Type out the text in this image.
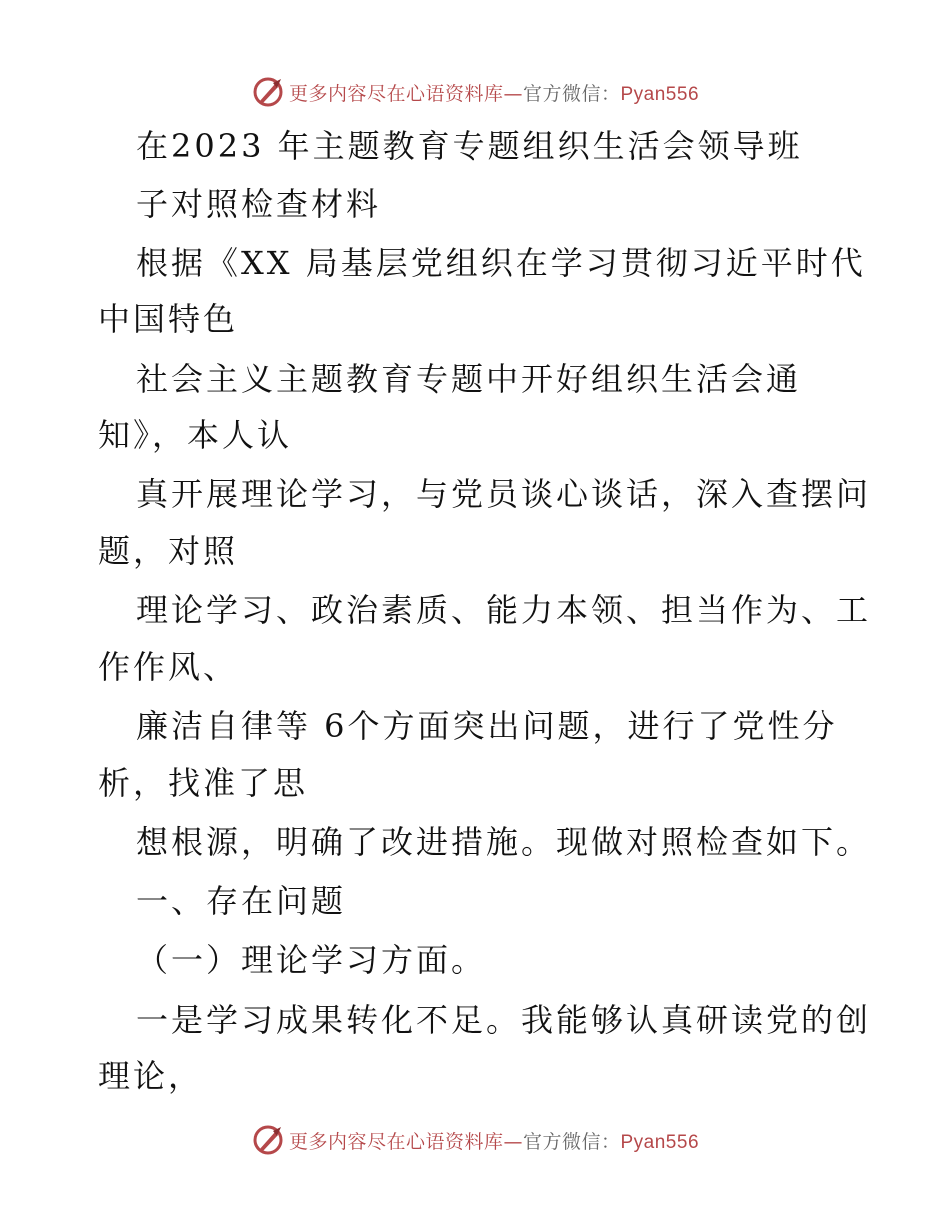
更多内容尽在心语资料库—官方微信：Pyan556
在2023 年主题教育专题组织生活会领导班
子对照检查材料
根据《XX 局基层党组织在学习贯彻习近平时代
中国特色
社会主义主题教育专题中开好组织生活会通
知》，本人认
真开展理论学习，与党员谈心谈话，深入查摆问
题，对照
理论学习、政治素质、能力本领、担当作为、工
作作风、
廉洁自律等 6个方面突出问题，进行了党性分
析，找准了思
想根源，明确了改进措施。现做对照检查如下。
一、存在问题
（一）理论学习方面。
一是学习成果转化不足。我能够认真研读党的创
理论，
更多内容尽在心语资料库—官方微信：Pyan556
